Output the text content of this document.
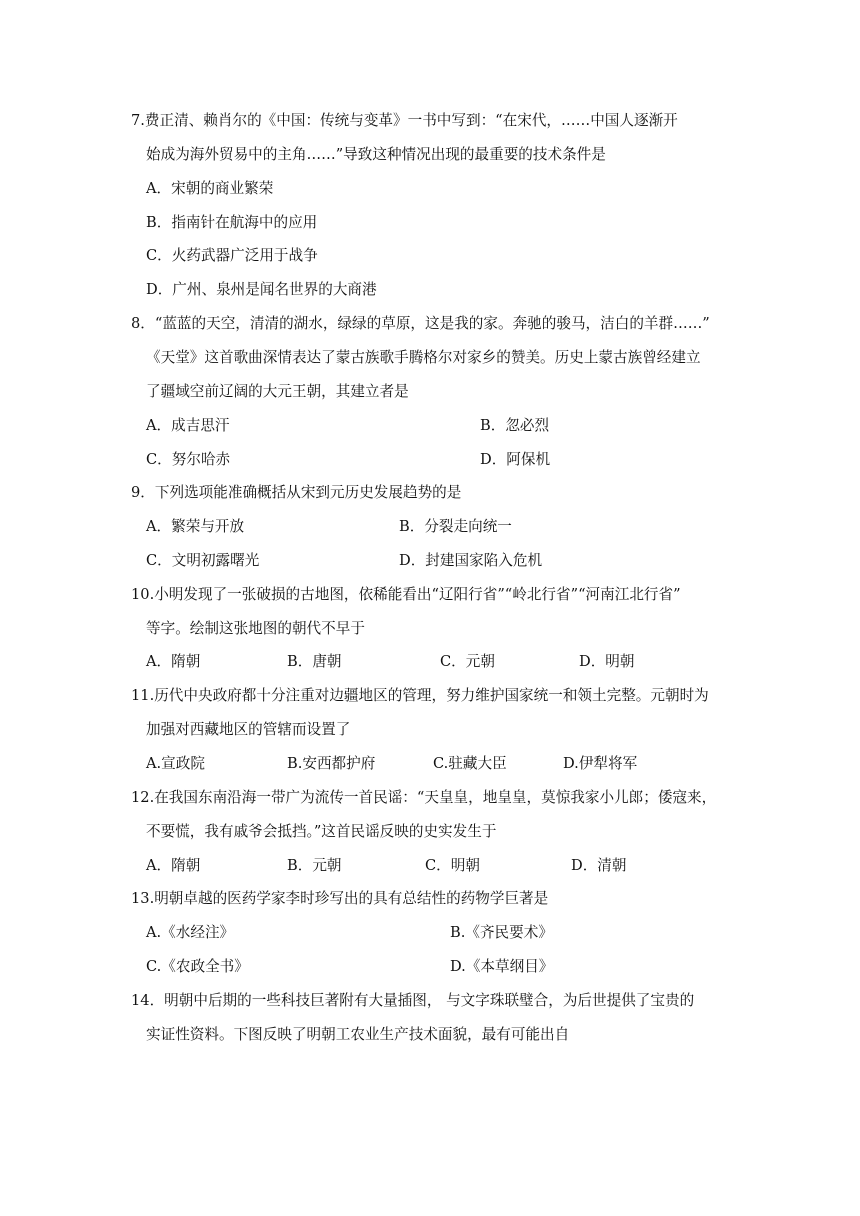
7.费正清、赖肖尔的《中国：传统与变革》一书中写到：“在宋代，……中国人逐渐开
始成为海外贸易中的主角……”导致这种情况出现的最重要的技术条件是
A．宋朝的商业繁荣
B．指南针在航海中的应用
C．火药武器广泛用于战争
D．广州、泉州是闻名世界的大商港
8．“蓝蓝的天空，清清的湖水，绿绿的草原，这是我的家。奔驰的骏马，洁白的羊群……”
《天堂》这首歌曲深情表达了蒙古族歌手腾格尔对家乡的赞美。历史上蒙古族曾经建立
了疆域空前辽阔的大元王朝，其建立者是
A．成吉思汗	B．忽必烈
C．努尔哈赤	D．阿保机
9．下列选项能准确概括从宋到元历史发展趋势的是
A．繁荣与开放	B．分裂走向统一
C．文明初露曙光	D．封建国家陷入危机
10.小明发现了一张破损的古地图，依稀能看出“辽阳行省”“岭北行省”“河南江北行省”
等字。绘制这张地图的朝代不早于
A．隋朝	B．唐朝	C．元朝	D．明朝
11.历代中央政府都十分注重对边疆地区的管理，努力维护国家统一和领土完整。元朝时为
加强对西藏地区的管辖而设置了
A.宣政院	B.安西都护府	C.驻藏大臣	D.伊犁将军
12.在我国东南沿海一带广为流传一首民谣：“天皇皇，地皇皇，莫惊我家小儿郎；倭寇来，
不要慌，我有戚爷会抵挡。”这首民谣反映的史实发生于
A．隋朝	B．元朝	C．明朝	D．清朝
13.明朝卓越的医药学家李时珍写出的具有总结性的药物学巨著是
A.《水经注》	B.《齐民要术》
C.《农政全书》	D.《本草纲目》
14．明朝中后期的一些科技巨著附有大量插图， 与文字珠联璧合，为后世提供了宝贵的
实证性资料。下图反映了明朝工农业生产技术面貌，最有可能出自
